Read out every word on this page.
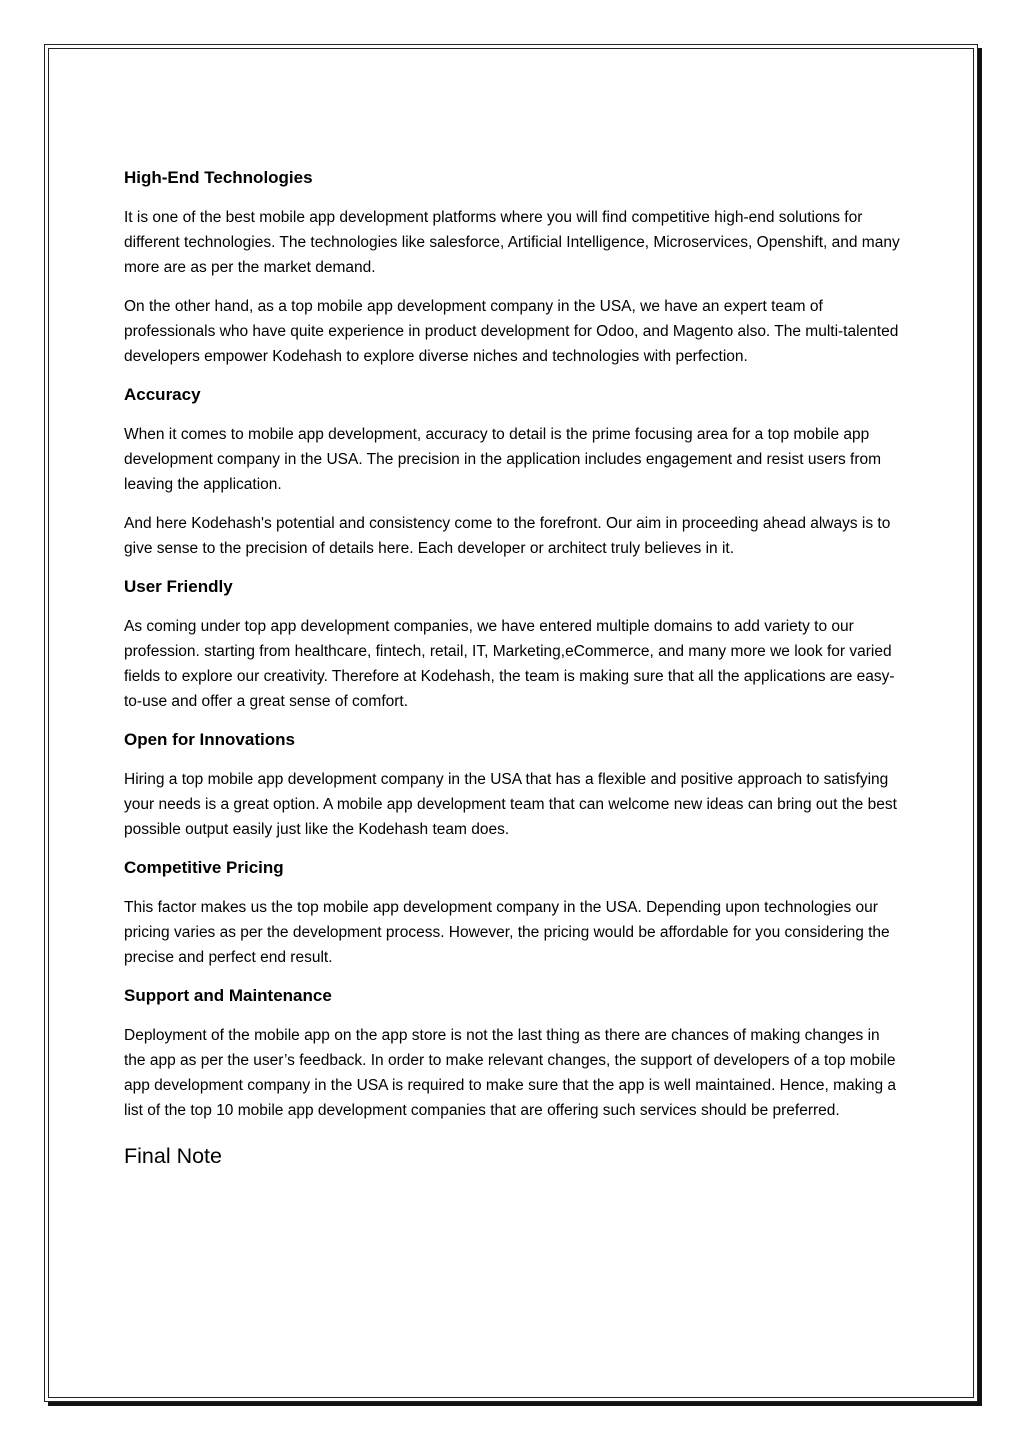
High-End Technologies

It is one of the best mobile app development platforms where you will find competitive high-end solutions for different technologies. The technologies like salesforce, Artificial Intelligence, Microservices, Openshift, and many more are as per the market demand.

On the other hand, as a top mobile app development company in the USA, we have an expert team of professionals who have quite experience in product development for Odoo, and Magento also. The multi-talented developers empower Kodehash to explore diverse niches and technologies with perfection.

Accuracy

When it comes to mobile app development, accuracy to detail is the prime focusing area for a top mobile app development company in the USA. The precision in the application includes engagement and resist users from leaving the application.

And here Kodehash's potential and consistency come to the forefront. Our aim in proceeding ahead always is to give sense to the precision of details here. Each developer or architect truly believes in it.

User Friendly

As coming under top app development companies, we have entered multiple domains to add variety to our profession. starting from healthcare, fintech, retail, IT, Marketing,eCommerce, and many more we look for varied fields to explore our creativity. Therefore at Kodehash, the team is making sure that all the applications are easy-to-use and offer a great sense of comfort.

Open for Innovations

Hiring a top mobile app development company in the USA that has a flexible and positive approach to satisfying your needs is a great option. A mobile app development team that can welcome new ideas can bring out the best possible output easily just like the Kodehash team does.

Competitive Pricing

This factor makes us the top mobile app development company in the USA. Depending upon technologies our pricing varies as per the development process. However, the pricing would be affordable for you considering the precise and perfect end result.

Support and Maintenance

Deployment of the mobile app on the app store is not the last thing as there are chances of making changes in the app as per the user’s feedback. In order to make relevant changes, the support of developers of a top mobile app development company in the USA is required to make sure that the app is well maintained. Hence, making a list of the top 10 mobile app development companies that are offering such services should be preferred.

Final Note
